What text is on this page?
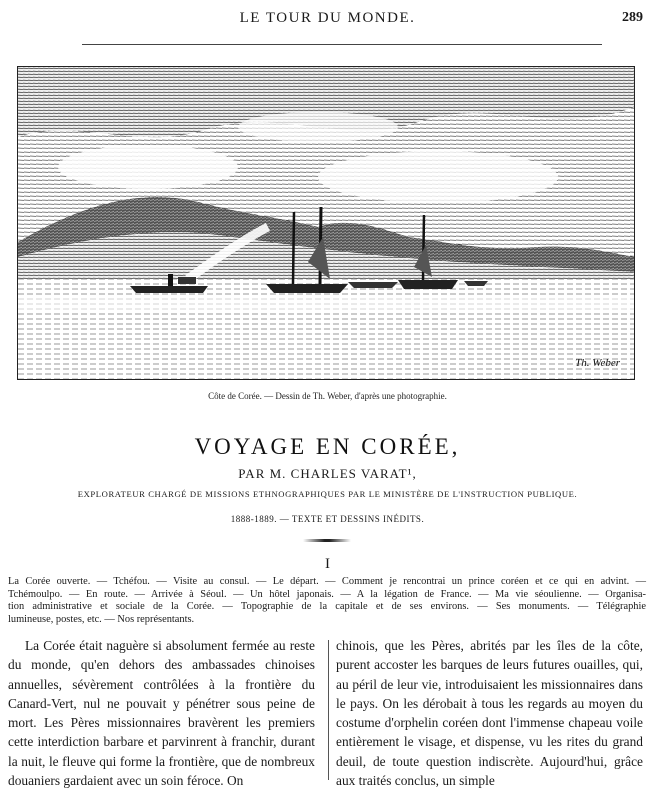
LE TOUR DU MONDE.	289
Th. Weber
Côte de Corée. — Dessin de Th. Weber, d'après une photographie.
VOYAGE EN CORÉE,
PAR M. CHARLES VARAT¹,
EXPLORATEUR CHARGÉ DE MISSIONS ETHNOGRAPHIQUES PAR LE MINISTÈRE DE L'INSTRUCTION PUBLIQUE.
1888-1889. — TEXTE ET DESSINS INÉDITS.
I
La Corée ouverte. — Tchéfou. — Visite au consul. — Le départ. — Comment je rencontrai un prince coréen et ce qui en advint. —
Tchémoulpo. — En route. — Arrivée à Séoul. — Un hôtel japonais. — A la légation de France. — Ma vie séoulienne. — Organisa-
tion administrative et sociale de la Corée. — Topographie de la capitale et de ses environs. — Ses monuments. — Télégraphie
lumineuse, postes, etc. — Nos représentants.
La Corée était naguère si absolument fermée au reste du monde, qu'en dehors des ambassades chinoises annuelles, sévèrement contrôlées à la frontière du Canard-Vert, nul ne pouvait y pénétrer sous peine de mort. Les Pères missionnaires bravèrent les premiers cette interdiction barbare et parvinrent à franchir, durant la nuit, le fleuve qui forme la frontière, que de nombreux douaniers gardaient avec un soin féroce. On
chinois, que les Pères, abrités par les îles de la côte, purent accoster les barques de leurs futures ouailles, qui, au péril de leur vie, introduisaient les missionnaires dans le pays. On les dérobait à tous les regards au moyen du costume d'orphelin coréen dont l'immense chapeau voile entièrement le visage, et dispense, vu les rites du grand deuil, de toute question indiscrète. Aujourd'hui, grâce aux traités conclus, un simple
